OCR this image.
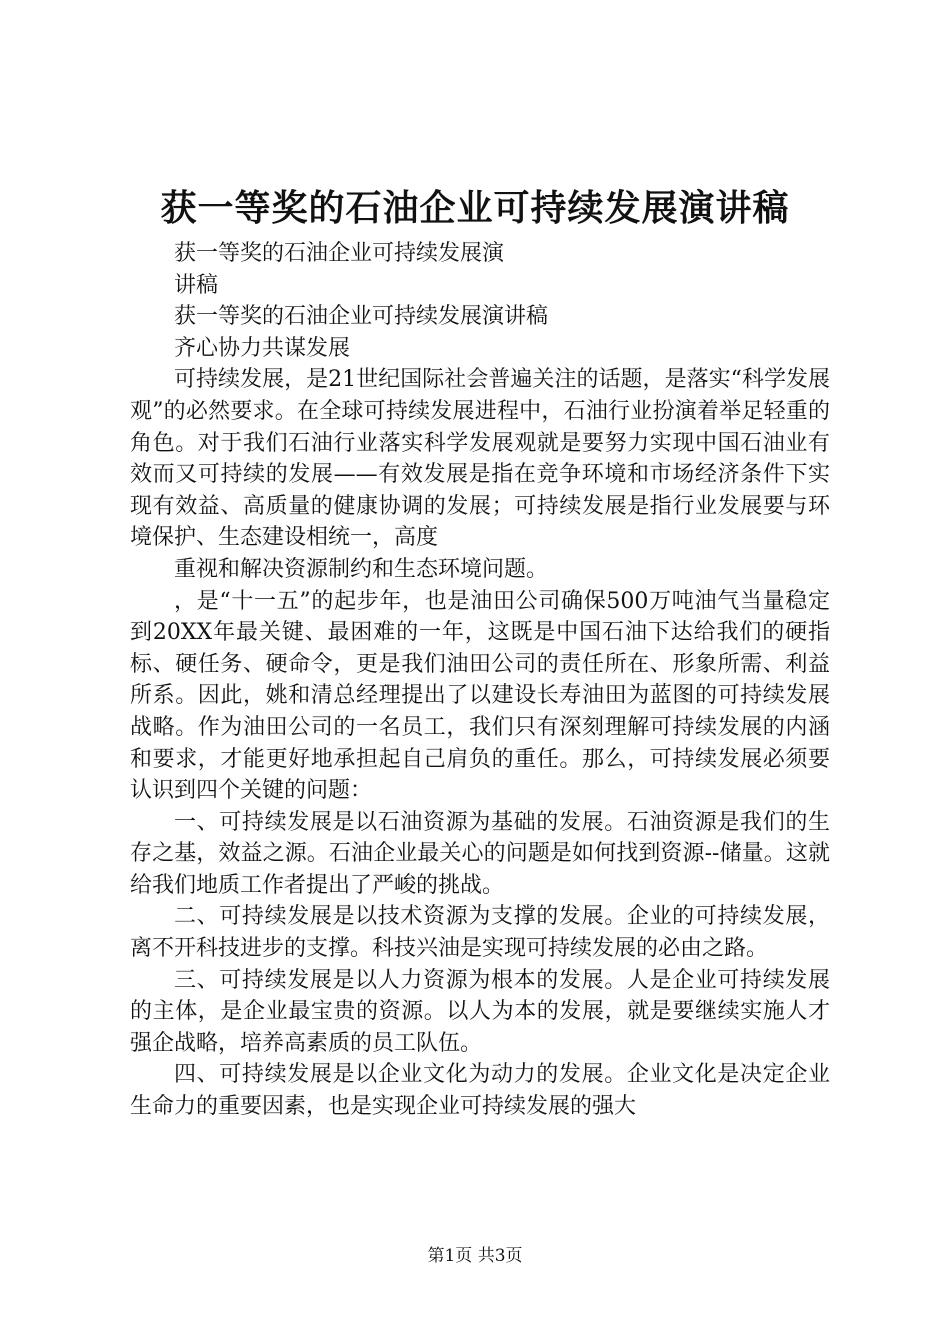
获一等奖的石油企业可持续发展演讲稿

获一等奖的石油企业可持续发展演

讲稿

获一等奖的石油企业可持续发展演讲稿

齐心协力共谋发展

可持续发展，是21世纪国际社会普遍关注的话题，是落实“科学发展观”的必然要求。在全球可持续发展进程中，石油行业扮演着举足轻重的角色。对于我们石油行业落实科学发展观就是要努力实现中国石油业有效而又可持续的发展——有效发展是指在竞争环境和市场经济条件下实现有效益、高质量的健康协调的发展；可持续发展是指行业发展要与环境保护、生态建设相统一，高度

重视和解决资源制约和生态环境问题。

，是“十一五”的起步年，也是油田公司确保500万吨油气当量稳定到20XX年最关键、最困难的一年，这既是中国石油下达给我们的硬指标、硬任务、硬命令，更是我们油田公司的责任所在、形象所需、利益所系。因此，姚和清总经理提出了以建设长寿油田为蓝图的可持续发展战略。作为油田公司的一名员工，我们只有深刻理解可持续发展的内涵和要求，才能更好地承担起自己肩负的重任。那么，可持续发展必须要认识到四个关键的问题：

一、可持续发展是以石油资源为基础的发展。石油资源是我们的生存之基，效益之源。石油企业最关心的问题是如何找到资源--储量。这就给我们地质工作者提出了严峻的挑战。

二、可持续发展是以技术资源为支撑的发展。企业的可持续发展，离不开科技进步的支撑。科技兴油是实现可持续发展的必由之路。

三、可持续发展是以人力资源为根本的发展。人是企业可持续发展的主体，是企业最宝贵的资源。以人为本的发展，就是要继续实施人才强企战略，培养高素质的员工队伍。

四、可持续发展是以企业文化为动力的发展。企业文化是决定企业生命力的重要因素，也是实现企业可持续发展的强大

第1页 共3页
